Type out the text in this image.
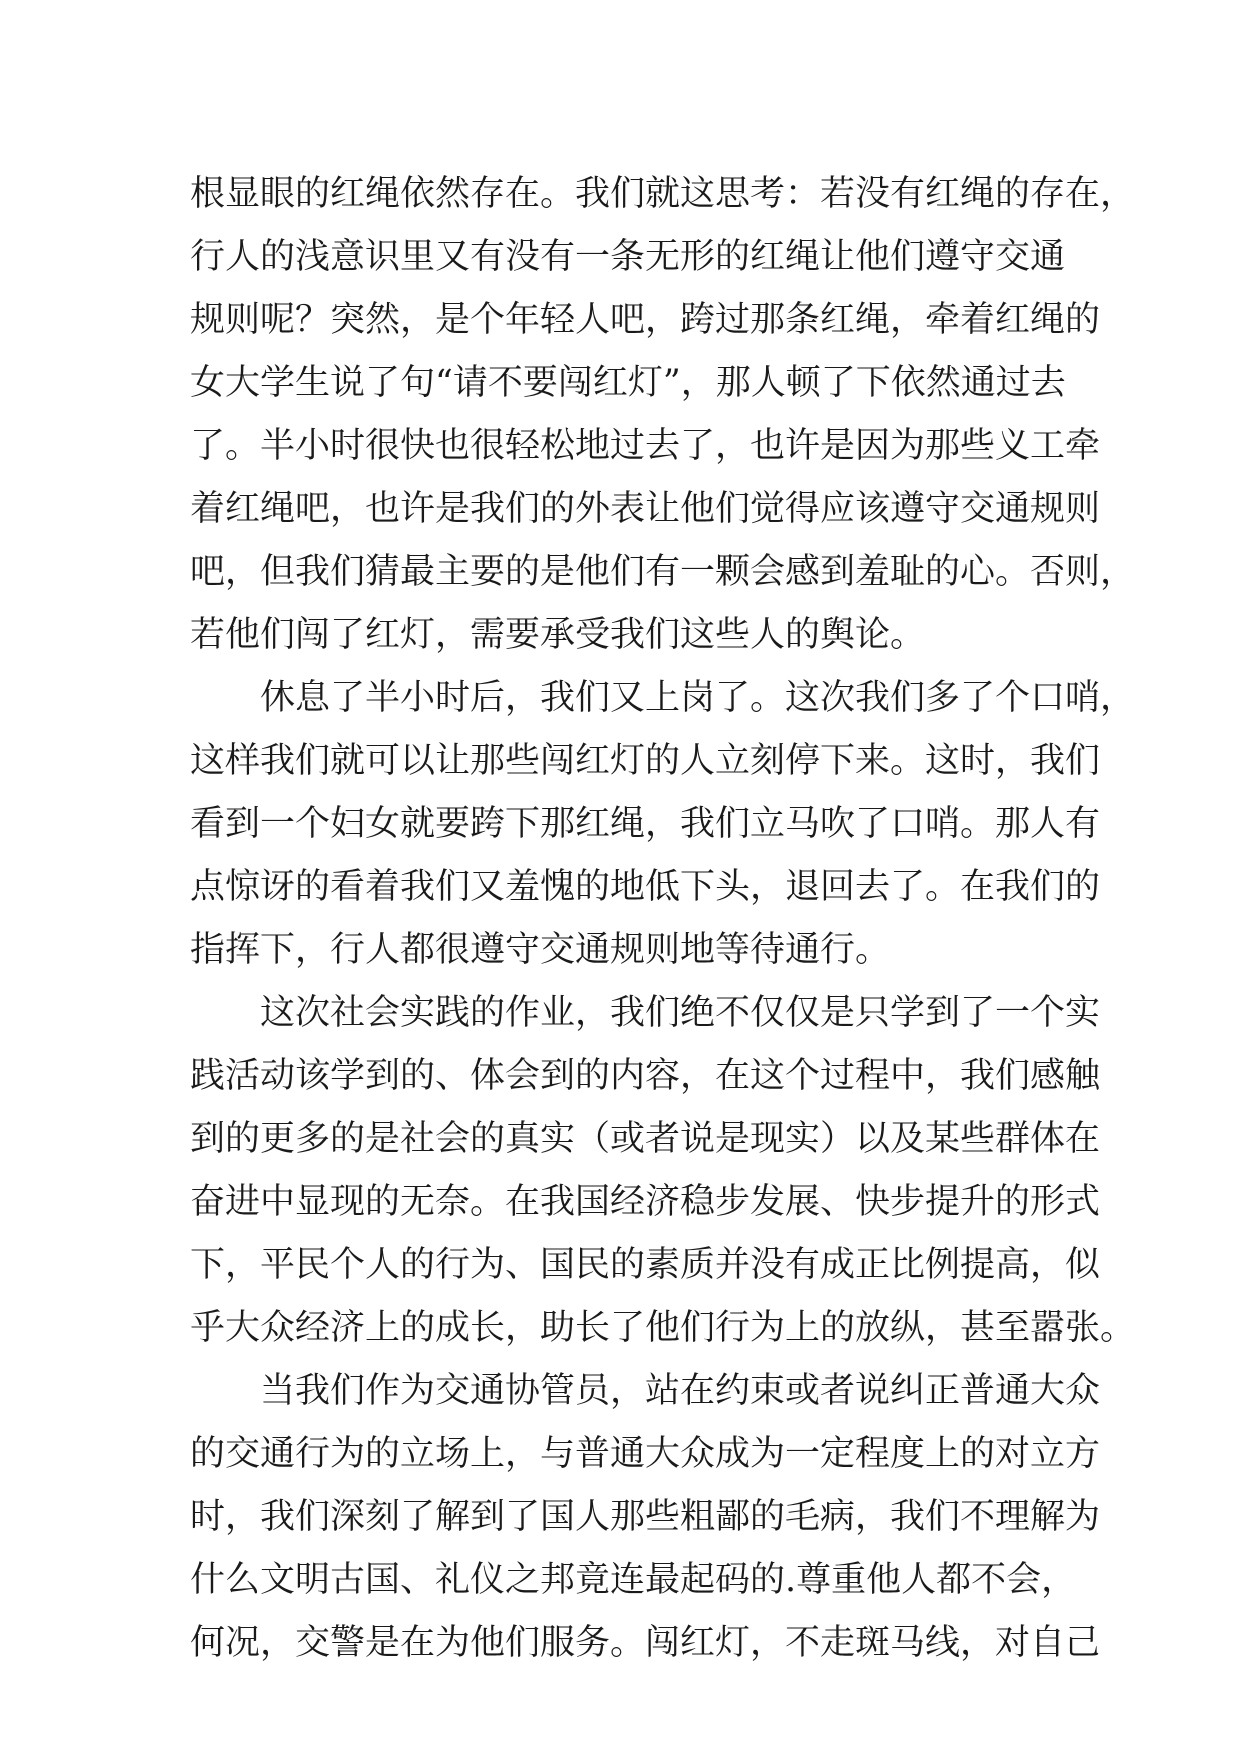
根显眼的红绳依然存在。我们就这思考：若没有红绳的存在，
行人的浅意识里又有没有一条无形的红绳让他们遵守交通
规则呢？突然，是个年轻人吧，跨过那条红绳，牵着红绳的
女大学生说了句“请不要闯红灯”，那人顿了下依然通过去
了。半小时很快也很轻松地过去了，也许是因为那些义工牵
着红绳吧，也许是我们的外表让他们觉得应该遵守交通规则
吧，但我们猜最主要的是他们有一颗会感到羞耻的心。否则，
若他们闯了红灯，需要承受我们这些人的舆论。
　　休息了半小时后，我们又上岗了。这次我们多了个口哨，
这样我们就可以让那些闯红灯的人立刻停下来。这时，我们
看到一个妇女就要跨下那红绳，我们立马吹了口哨。那人有
点惊讶的看着我们又羞愧的地低下头，退回去了。在我们的
指挥下，行人都很遵守交通规则地等待通行。
　　这次社会实践的作业，我们绝不仅仅是只学到了一个实
践活动该学到的、体会到的内容，在这个过程中，我们感触
到的更多的是社会的真实（或者说是现实）以及某些群体在
奋进中显现的无奈。在我国经济稳步发展、快步提升的形式
下，平民个人的行为、国民的素质并没有成正比例提高，似
乎大众经济上的成长，助长了他们行为上的放纵，甚至嚣张。
　　当我们作为交通协管员，站在约束或者说纠正普通大众
的交通行为的立场上，与普通大众成为一定程度上的对立方
时，我们深刻了解到了国人那些粗鄙的毛病，我们不理解为
什么文明古国、礼仪之邦竟连最起码的.尊重他人都不会，
何况，交警是在为他们服务。闯红灯，不走斑马线，对自己
